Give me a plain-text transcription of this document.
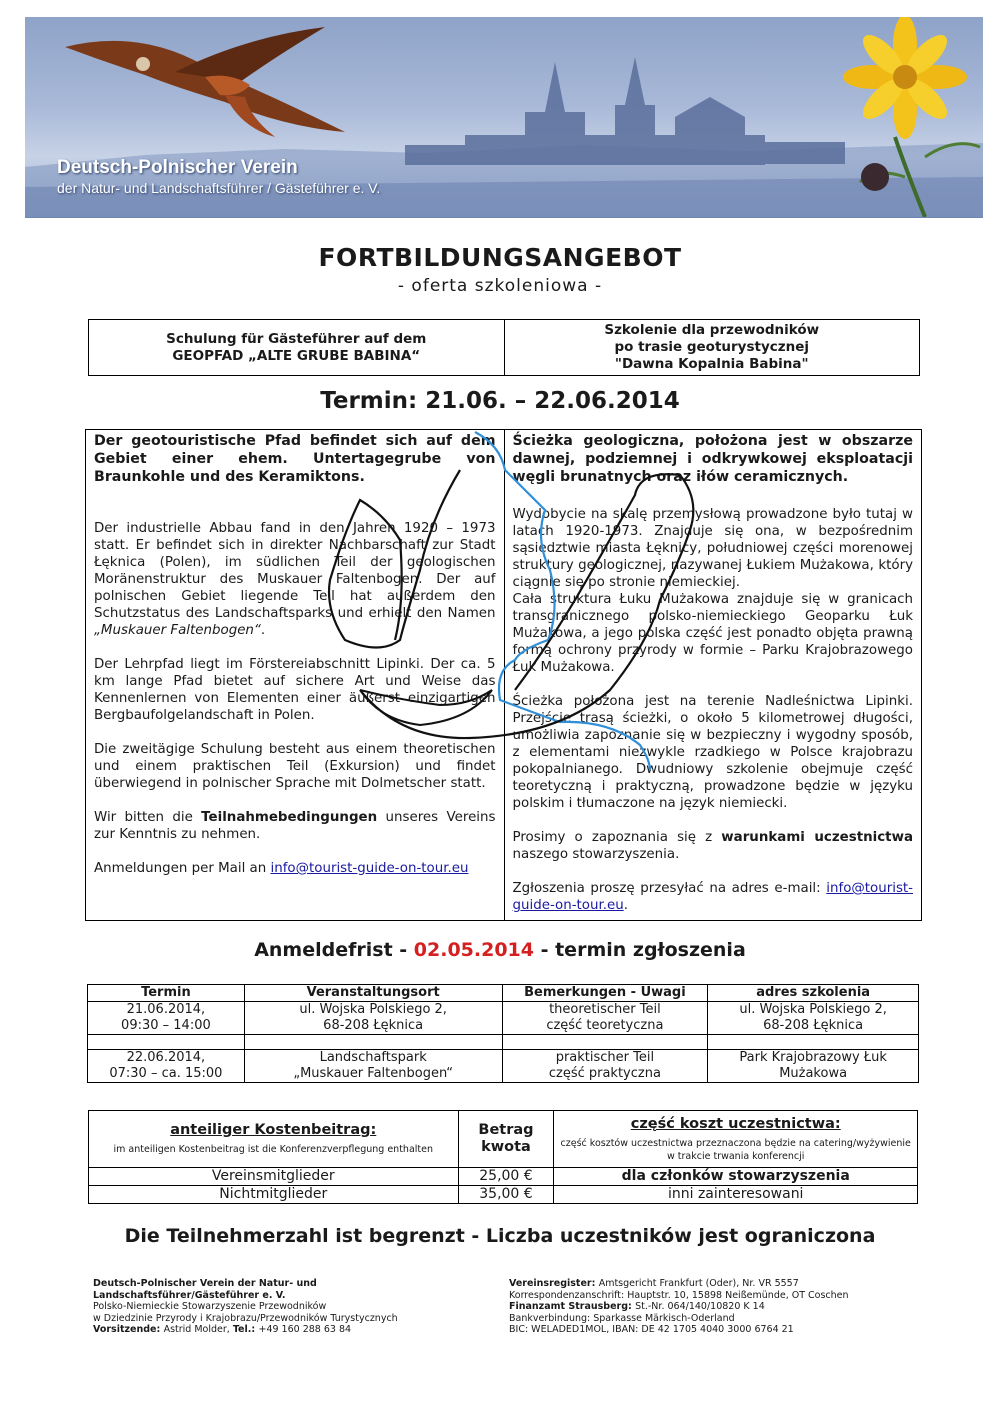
Deutsch-Polnischer Verein
der Natur- und Landschaftsführer / Gästeführer e. V.
FORTBILDUNGSANGEBOT
- oferta szkoleniowa -
Schulung für Gästeführer auf dem
GEOPFAD „ALTE GRUBE BABINA“
Szkolenie dla przewodników
po trasie geoturystycznej
"Dawna Kopalnia Babina"
Termin: 21.06. – 22.06.2014

Der geotouristische Pfad befindet sich auf dem Gebiet einer ehem. Untertagegrube von Braunkohle und des Keramiktons.

Der industrielle Abbau fand in den Jahren 1920 – 1973 statt. Er befindet sich in direkter Nachbarschaft zur Stadt Łęknica (Polen), im südlichen Teil der geologischen Moränenstruktur des Muskauer Faltenbogen. Der auf polnischen Gebiet liegende Teil hat außerdem den Schutzstatus des Landschaftsparks und erhielt den Namen „Muskauer Faltenbogen“.

Der Lehrpfad liegt im Förstereiabschnitt Lipinki. Der ca. 5 km lange Pfad bietet auf sichere Art und Weise das Kennenlernen von Elementen einer äußerst einzigartigen Bergbaufolgelandschaft in Polen.

Die zweitägige Schulung besteht aus einem theoretischen und einem praktischen Teil (Exkursion) und findet überwiegend in polnischer Sprache mit Dolmetscher statt.

Wir bitten die Teilnahmebedingungen unseres Vereins zur Kenntnis zu nehmen.

Anmeldungen per Mail an info@tourist-guide-on-tour.eu

Ścieżka geologiczna, położona jest w obszarze dawnej, podziemnej i odkrywkowej eksploatacji węgli brunatnych oraz iłów ceramicznych.

Wydobycie na skalę przemysłową prowadzone było tutaj w latach 1920-1973. Znajduje się ona, w bezpośrednim sąsiedztwie miasta Łęknicy, południowej części morenowej struktury geologicznej, nazywanej Łukiem Mużakowa, który ciągnie się po stronie niemieckiej.

Cała struktura Łuku Mużakowa znajduje się w granicach transgranicznego polsko-niemieckiego Geoparku Łuk Mużakowa, a jego polska część jest ponadto objęta prawną formą ochrony przyrody w formie – Parku Krajobrazowego Łuk Mużakowa.

Ścieżka położona jest na terenie Nadleśnictwa Lipinki. Przejście trasą ścieżki, o około 5 kilometrowej długości, umożliwia zapoznanie się w bezpieczny i wygodny sposób, z elementami niezwykle rzadkiego w Polsce krajobrazu pokopalnianego. Dwudniowy szkolenie obejmuje część teoretyczną i praktyczną, prowadzone będzie w języku polskim i tłumaczone na język niemiecki.

Prosimy o zapoznania się z warunkami uczestnictwa naszego stowarzyszenia.

Zgłoszenia proszę przesyłać na adres e-mail: info@tourist-guide-on-tour.eu.

Anmeldefrist - 02.05.2014 - termin zgłoszenia
Termin	Veranstaltungsort	Bemerkungen - Uwagi	adres szkolenia
21.06.2014,
09:30 – 14:00	ul. Wojska Polskiego 2,
68-208 Łęknica	theoretischer Teil
część teoretyczna	ul. Wojska Polskiego 2,
68-208 Łęknica

22.06.2014,
07:30 – ca. 15:00	Landschaftspark
„Muskauer Faltenbogen“	praktischer Teil
część praktyczna	Park Krajobrazowy Łuk
Mużakowa
anteiliger Kostenbeitrag:
im anteiligen Kostenbeitrag ist die Konferenzverpflegung enthalten	Betrag
kwota	część koszt uczestnictwa:
część kosztów uczestnictwa przeznaczona będzie na catering/wyżywienie w trakcie trwania konferencji

Vereinsmitglieder	25,00 €	dla członków stowarzyszenia
Nichtmitglieder	35,00 €	inni zainteresowani
Die Teilnehmerzahl ist begrenzt - Liczba uczestników jest ograniczona
Deutsch-Polnischer Verein der Natur- und
Landschaftsführer/Gästeführer e. V.
Polsko-Niemieckie Stowarzyszenie Przewodników
w Dziedzinie Przyrody i Krajobrazu/Przewodników Turystycznych
Vorsitzende: Astrid Molder, Tel.: +49 160 288 63 84
Vereinsregister: Amtsgericht Frankfurt (Oder), Nr. VR 5557
Korrespondenzanschrift: Hauptstr. 10, 15898 Neißemünde, OT Coschen
Finanzamt Strausberg: St.-Nr. 064/140/10820 K 14
Bankverbindung: Sparkasse Märkisch-Oderland
BIC: WELADED1MOL, IBAN: DE 42 1705 4040 3000 6764 21
